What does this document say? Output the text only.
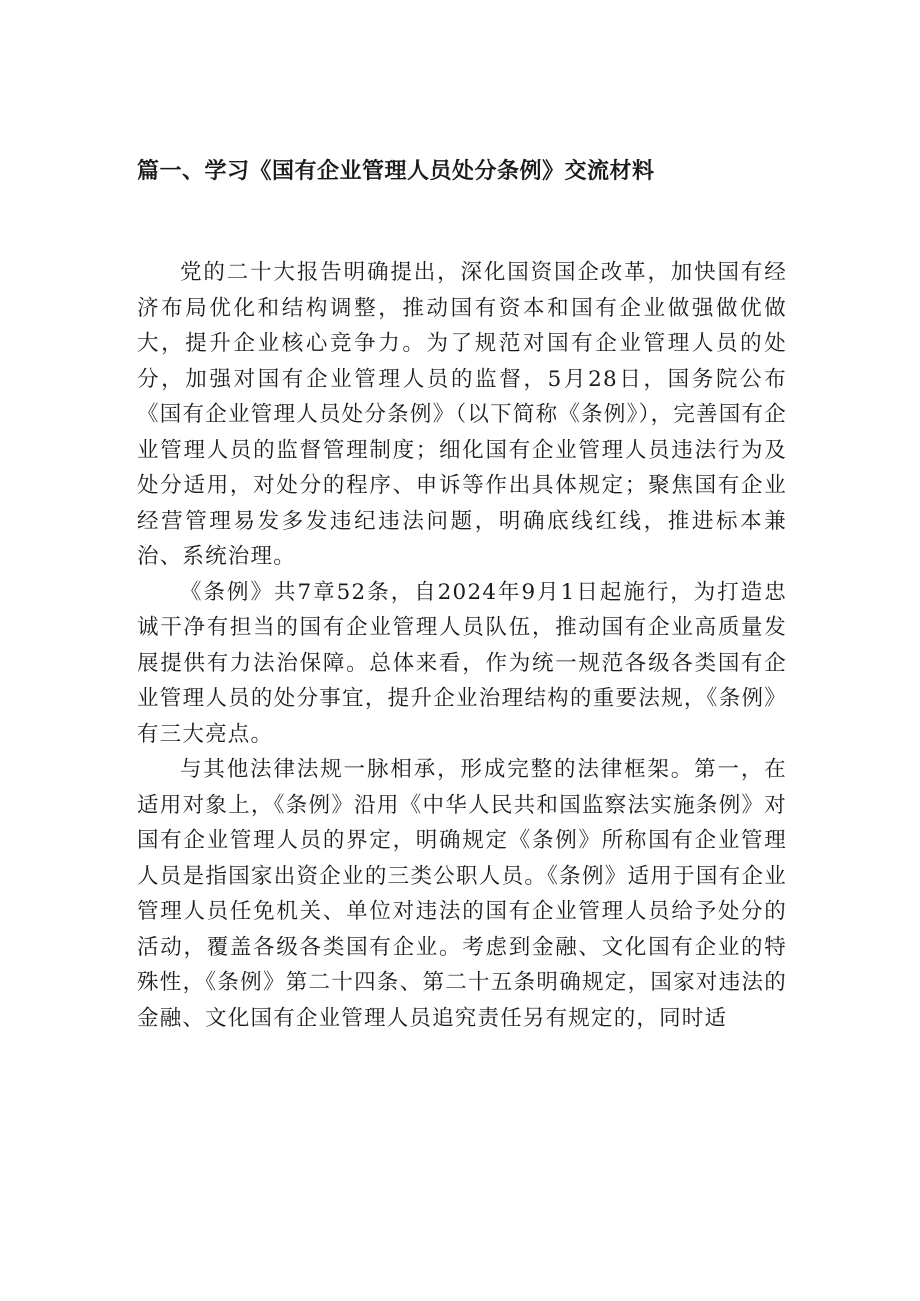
篇一、学习《国有企业管理人员处分条例》交流材料

党的二十大报告明确提出，深化国资国企改革，加快国有经济布局优化和结构调整，推动国有资本和国有企业做强做优做大，提升企业核心竞争力。为了规范对国有企业管理人员的处分，加强对国有企业管理人员的监督，5月28日，国务院公布《国有企业管理人员处分条例》（以下简称《条例》），完善国有企业管理人员的监督管理制度；细化国有企业管理人员违法行为及处分适用，对处分的程序、申诉等作出具体规定；聚焦国有企业经营管理易发多发违纪违法问题，明确底线红线，推进标本兼治、系统治理。

《条例》共7章52条，自2024年9月1日起施行，为打造忠诚干净有担当的国有企业管理人员队伍，推动国有企业高质量发展提供有力法治保障。总体来看，作为统一规范各级各类国有企业管理人员的处分事宜，提升企业治理结构的重要法规，《条例》有三大亮点。

与其他法律法规一脉相承，形成完整的法律框架。第一，在适用对象上，《条例》沿用《中华人民共和国监察法实施条例》对国有企业管理人员的界定，明确规定《条例》所称国有企业管理人员是指国家出资企业的三类公职人员。《条例》适用于国有企业管理人员任免机关、单位对违法的国有企业管理人员给予处分的活动，覆盖各级各类国有企业。考虑到金融、文化国有企业的特殊性，《条例》第二十四条、第二十五条明确规定，国家对违法的金融、文化国有企业管理人员追究责任另有规定的，同时适
